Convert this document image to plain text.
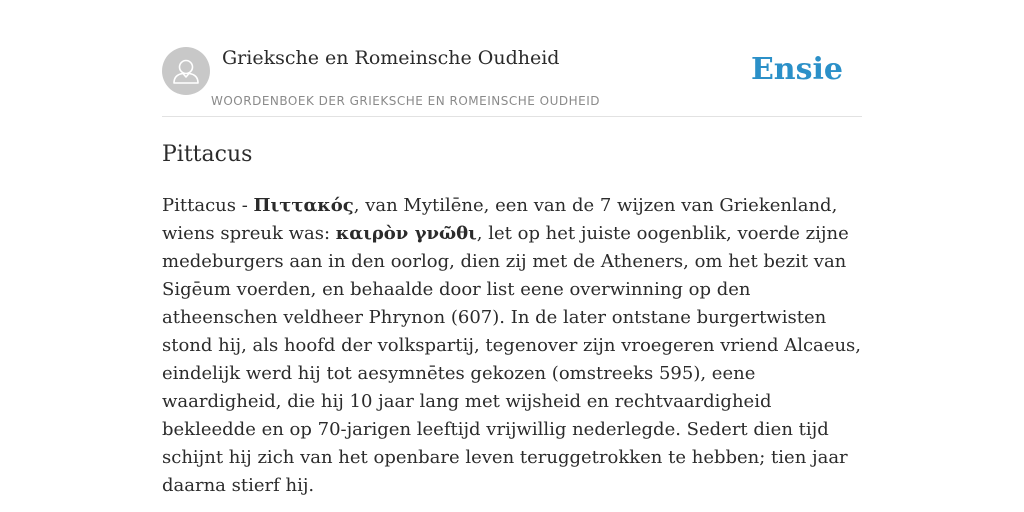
Grieksche en Romeinsche Oudheid
WOORDENBOEK DER GRIEKSCHE EN ROMEINSCHE OUDHEID
Ensie
Pittacus

Pittacus - Πιττακός, van Mytilēne, een van de 7 wijzen van Griekenland, wiens spreuk was: καιρὸν γνῶθι, let op het juiste oogenblik, voerde zijne medeburgers aan in den oorlog, dien zij met de Atheners, om het bezit van Sigēum voerden, en behaalde door list eene overwinning op den atheenschen veldheer Phrynon (607). In de later ontstane burgertwisten stond hij, als hoofd der volkspartij, tegenover zijn vroegeren vriend Alcaeus, eindelijk werd hij tot aesymnētes gekozen (omstreeks 595), eene waardigheid, die hij 10 jaar lang met wijsheid en rechtvaardigheid bekleedde en op 70-jarigen leeftijd vrijwillig nederlegde. Sedert dien tijd schijnt hij zich van het openbare leven teruggetrokken te hebben; tien jaar daarna stierf hij.
